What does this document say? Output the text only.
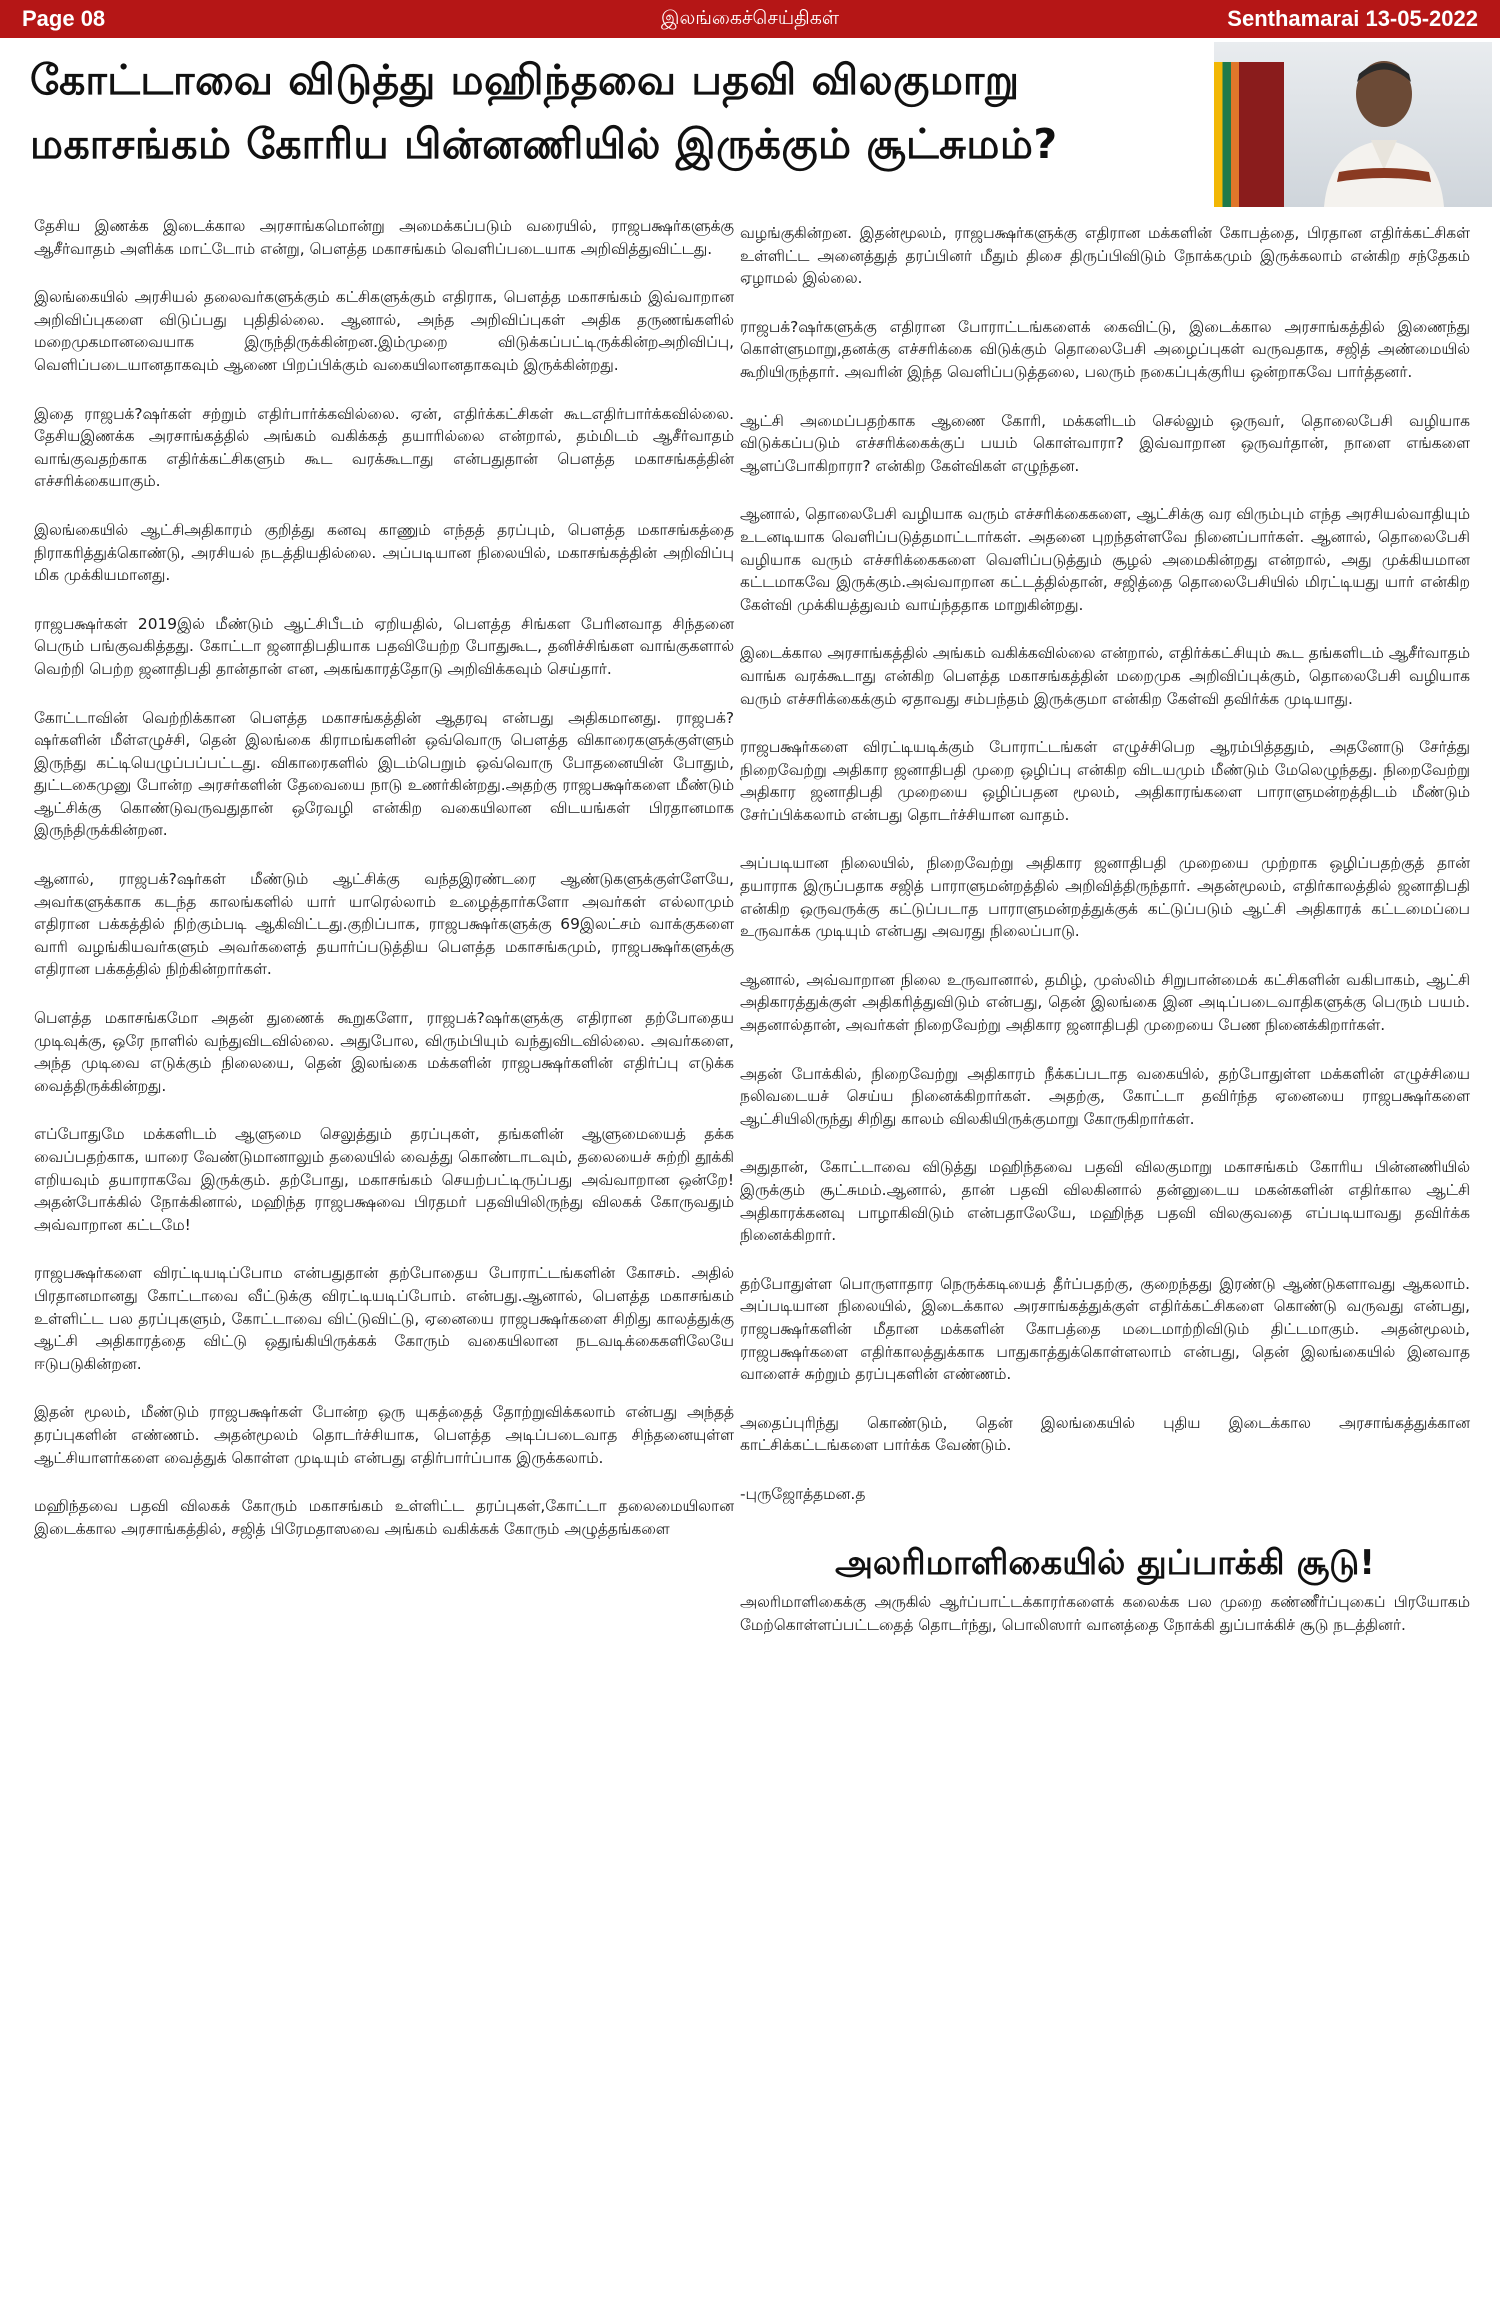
Page 08	இலங்கைச்செய்திகள்	Senthamarai 13-05-2022
கோட்டாவை விடுத்து மஹிந்தவை பதவி விலகுமாறு
மகாசங்கம் கோரிய பின்னணியில் இருக்கும் சூட்சுமம்?

தேசிய இணக்க இடைக்கால அரசாங்கமொன்று அமைக்கப்படும் வரையில், ராஜபக்ஷர்களுக்கு ஆசீர்வாதம் அளிக்க மாட்டோம் என்று, பௌத்த மகாசங்கம் வெளிப்படையாக அறிவித்துவிட்டது.

இலங்கையில் அரசியல் தலைவர்களுக்கும் கட்சிகளுக்கும் எதிராக, பௌத்த மகாசங்கம் இவ்வாறான அறிவிப்புகளை விடுப்பது புதிதில்லை. ஆனால், அந்த அறிவிப்புகள் அதிக தருணங்களில் மறைமுகமானவையாக இருந்திருக்கின்றன.இம்முறை விடுக்கப்பட்டிருக்கின்றஅறிவிப்பு, வெளிப்படையானதாகவும் ஆணை பிறப்பிக்கும் வகையிலானதாகவும் இருக்கின்றது.

இதை ராஜபக்?ஷர்கள் சற்றும் எதிர்பார்க்கவில்லை. ஏன், எதிர்க்கட்சிகள் கூடஎதிர்பார்க்கவில்லை. தேசியஇணக்க அரசாங்கத்தில் அங்கம் வகிக்கத் தயாரில்லை என்றால், தம்மிடம் ஆசீர்வாதம் வாங்குவதற்காக எதிர்க்கட்சிகளும் கூட வரக்கூடாது என்பதுதான் பௌத்த மகாசங்கத்தின் எச்சரிக்கையாகும்.

இலங்கையில் ஆட்சிஅதிகாரம் குறித்து கனவு காணும் எந்தத் தரப்பும், பௌத்த மகாசங்கத்தை நிராகரித்துக்கொண்டு, அரசியல் நடத்தியதில்லை. அப்படியான நிலையில், மகாசங்கத்தின் அறிவிப்பு மிக முக்கியமானது.

ராஜபக்ஷர்கள் 2019இல் மீண்டும் ஆட்சிபீடம் ஏறியதில், பௌத்த சிங்கள பேரினவாத சிந்தனை பெரும் பங்குவகித்தது. கோட்டா ஜனாதிபதியாக பதவியேற்ற போதுகூட, தனிச்சிங்கள வாங்குகளால் வெற்றி பெற்ற ஜனாதிபதி தான்தான் என, அகங்காரத்தோடு அறிவிக்கவும் செய்தார்.

கோட்டாவின் வெற்றிக்கான பௌத்த மகாசங்கத்தின் ஆதரவு என்பது அதிகமானது. ராஜபக்?ஷர்களின் மீள்எழுச்சி, தென் இலங்கை கிராமங்களின் ஒவ்வொரு பௌத்த விகாரைகளுக்குள்ளும் இருந்து கட்டியெழுப்பப்பட்டது. விகாரைகளில் இடம்பெறும் ஒவ்வொரு போதனையின் போதும், துட்டகைமுனு போன்ற அரசர்களின் தேவையை நாடு உணர்கின்றது.அதற்கு ராஜபக்ஷர்களை மீண்டும் ஆட்சிக்கு கொண்டுவருவதுதான் ஒரேவழி என்கிற வகையிலான விடயங்கள் பிரதானமாக இருந்திருக்கின்றன.

ஆனால், ராஜபக்?ஷர்கள் மீண்டும் ஆட்சிக்கு வந்தஇரண்டரை ஆண்டுகளுக்குள்ளேயே, அவர்களுக்காக கடந்த காலங்களில் யார் யாரெல்லாம் உழைத்தார்களோ அவர்கள் எல்லாமும் எதிரான பக்கத்தில் நிற்கும்படி ஆகிவிட்டது.குறிப்பாக, ராஜபக்ஷர்களுக்கு 69இலட்சம் வாக்குகளை வாரி வழங்கியவர்களும் அவர்களைத் தயார்ப்படுத்திய பௌத்த மகாசங்கமும், ராஜபக்ஷர்களுக்கு எதிரான பக்கத்தில் நிற்கின்றார்கள்.

பௌத்த மகாசங்கமோ அதன் துணைக் கூறுகளோ, ராஜபக்?ஷர்களுக்கு எதிரான தற்போதைய முடிவுக்கு, ஒரே நாளில் வந்துவிடவில்லை. அதுபோல, விரும்பியும் வந்துவிடவில்லை. அவர்களை, அந்த முடிவை எடுக்கும் நிலையை, தென் இலங்கை மக்களின் ராஜபக்ஷர்களின் எதிர்ப்பு எடுக்க வைத்திருக்கின்றது.

எப்போதுமே மக்களிடம் ஆளுமை செலுத்தும் தரப்புகள், தங்களின் ஆளுமையைத் தக்க வைப்பதற்காக, யாரை வேண்டுமானாலும் தலையில் வைத்து கொண்டாடவும், தலையைச் சுற்றி தூக்கி எறியவும் தயாராகவே இருக்கும். தற்போது, மகாசங்கம் செயற்பட்டிருப்பது அவ்வாறான ஒன்றே! அதன்போக்கில் நோக்கினால், மஹிந்த ராஜபக்ஷவை பிரதமர் பதவியிலிருந்து விலகக் கோருவதும் அவ்வாறான கட்டமே!

ராஜபக்ஷர்களை விரட்டியடிப்போம என்பதுதான் தற்போதைய போராட்டங்களின் கோசம். அதில் பிரதானமானது கோட்டாவை வீட்டுக்கு விரட்டியடிப்போம். என்பது.ஆனால், பௌத்த மகாசங்கம் உள்ளிட்ட பல தரப்புகளும், கோட்டாவை விட்டுவிட்டு, ஏனையை ராஜபக்ஷர்களை சிறிது காலத்துக்கு ஆட்சி அதிகாரத்தை விட்டு ஒதுங்கியிருக்கக் கோரும் வகையிலான நடவடிக்கைகளிலேயே ஈடுபடுகின்றன.

இதன் மூலம், மீண்டும் ராஜபக்ஷர்கள் போன்ற ஒரு யுகத்தைத் தோற்றுவிக்கலாம் என்பது அந்தத் தரப்புகளின் எண்ணம். அதன்மூலம் தொடர்ச்சியாக, பௌத்த அடிப்படைவாத சிந்தனையுள்ள ஆட்சியாளர்களை வைத்துக் கொள்ள முடியும் என்பது எதிர்பார்ப்பாக இருக்கலாம்.

மஹிந்தவை பதவி விலகக் கோரும் மகாசங்கம் உள்ளிட்ட தரப்புகள்,கோட்டா தலைமையிலான இடைக்கால அரசாங்கத்தில், சஜித் பிரேமதாஸவை அங்கம் வகிக்கக் கோரும் அழுத்தங்களை

வழங்குகின்றன. இதன்மூலம், ராஜபக்ஷர்களுக்கு எதிரான மக்களின் கோபத்தை, பிரதான எதிர்க்கட்சிகள் உள்ளிட்ட அனைத்துத் தரப்பினர் மீதும் திசை திருப்பிவிடும் நோக்கமும் இருக்கலாம் என்கிற சந்தேகம் ஏழாமல் இல்லை.

ராஜபக்?ஷர்களுக்கு எதிரான போராட்டங்களைக் கைவிட்டு, இடைக்கால அரசாங்கத்தில் இணைந்து கொள்ளுமாறு,தனக்கு எச்சரிக்கை விடுக்கும் தொலைபேசி அழைப்புகள் வருவதாக, சஜித் அண்மையில் கூறியிருந்தார். அவரின் இந்த வெளிப்படுத்தலை, பலரும் நகைப்புக்குரிய ஒன்றாகவே பார்த்தனர்.

ஆட்சி அமைப்பதற்காக ஆணை கோரி, மக்களிடம் செல்லும் ஒருவர், தொலைபேசி வழியாக விடுக்கப்படும் எச்சரிக்கைக்குப் பயம் கொள்வாரா? இவ்வாறான ஒருவர்தான், நாளை எங்களை ஆளப்போகிறாரா? என்கிற கேள்விகள் எழுந்தன.

ஆனால், தொலைபேசி வழியாக வரும் எச்சரிக்கைகளை, ஆட்சிக்கு வர விரும்பும் எந்த அரசியல்வாதியும் உடனடியாக வெளிப்படுத்தமாட்டார்கள். அதனை புறந்தள்ளவே நினைப்பார்கள். ஆனால், தொலைபேசி வழியாக வரும் எச்சரிக்கைகளை வெளிப்படுத்தும் சூழல் அமைகின்றது என்றால், அது முக்கியமான கட்டமாகவே இருக்கும்.அவ்வாறான கட்டத்தில்தான், சஜித்தை தொலைபேசியில் மிரட்டியது யார் என்கிற கேள்வி முக்கியத்துவம் வாய்ந்ததாக மாறுகின்றது.

இடைக்கால அரசாங்கத்தில் அங்கம் வகிக்கவில்லை என்றால், எதிர்க்கட்சியும் கூட தங்களிடம் ஆசீர்வாதம் வாங்க வரக்கூடாது என்கிற பௌத்த மகாசங்கத்தின் மறைமுக அறிவிப்புக்கும், தொலைபேசி வழியாக வரும் எச்சரிக்கைக்கும் ஏதாவது சம்பந்தம் இருக்குமா என்கிற கேள்வி தவிர்க்க முடியாது.

ராஜபக்ஷர்களை விரட்டியடிக்கும் போராட்டங்கள் எழுச்சிபெற ஆரம்பித்ததும், அதனோடு சேர்த்து நிறைவேற்று அதிகார ஜனாதிபதி முறை ஒழிப்பு என்கிற விடயமும் மீண்டும் மேலெழுந்தது. நிறைவேற்று அதிகார ஜனாதிபதி முறையை ஒழிப்பதன மூலம், அதிகாரங்களை பாராளுமன்றத்திடம் மீண்டும் சேர்ப்பிக்கலாம் என்பது தொடர்ச்சியான வாதம்.

அப்படியான நிலையில், நிறைவேற்று அதிகார ஜனாதிபதி முறையை முற்றாக ஒழிப்பதற்குத் தான் தயாராக இருப்பதாக சஜித் பாராளுமன்றத்தில் அறிவித்திருந்தார். அதன்மூலம், எதிர்காலத்தில் ஜனாதிபதி என்கிற ஒருவருக்கு கட்டுப்படாத பாராளுமன்றத்துக்குக் கட்டுப்படும் ஆட்சி அதிகாரக் கட்டமைப்பை உருவாக்க முடியும் என்பது அவரது நிலைப்பாடு.

ஆனால், அவ்வாறான நிலை உருவானால், தமிழ், முஸ்லிம் சிறுபான்மைக் கட்சிகளின் வகிபாகம், ஆட்சி அதிகாரத்துக்குள் அதிகரித்துவிடும் என்பது, தென் இலங்கை இன அடிப்படைவாதிகளுக்கு பெரும் பயம். அதனால்தான், அவர்கள் நிறைவேற்று அதிகார ஜனாதிபதி முறையை பேண நினைக்கிறார்கள்.

அதன் போக்கில், நிறைவேற்று அதிகாரம் நீக்கப்படாத வகையில், தற்போதுள்ள மக்களின் எழுச்சியை நலிவடையச் செய்ய நினைக்கிறார்கள். அதற்கு, கோட்டா தவிர்ந்த ஏனையை ராஜபக்ஷர்களை ஆட்சியிலிருந்து சிறிது காலம் விலகியிருக்குமாறு கோருகிறார்கள்.

அதுதான், கோட்டாவை விடுத்து மஹிந்தவை பதவி விலகுமாறு மகாசங்கம் கோரிய பின்னணியில் இருக்கும் சூட்சுமம்.ஆனால், தான் பதவி விலகினால் தன்னுடைய மகன்களின் எதிர்கால ஆட்சி அதிகாரக்கனவு பாழாகிவிடும் என்பதாலேயே, மஹிந்த பதவி விலகுவதை எப்படியாவது தவிர்க்க நினைக்கிறார்.

தற்போதுள்ள பொருளாதார நெருக்கடியைத் தீர்ப்பதற்கு, குறைந்தது இரண்டு ஆண்டுகளாவது ஆகலாம். அப்படியான நிலையில், இடைக்கால அரசாங்கத்துக்குள் எதிர்க்கட்சிகளை கொண்டு வருவது என்பது, ராஜபக்ஷர்களின் மீதான மக்களின் கோபத்தை மடைமாற்றிவிடும் திட்டமாகும். அதன்மூலம், ராஜபக்ஷர்களை எதிர்காலத்துக்காக பாதுகாத்துக்கொள்ளலாம் என்பது, தென் இலங்கையில் இனவாத வாளைச் சுற்றும் தரப்புகளின் எண்ணம்.

அதைப்புரிந்து கொண்டும், தென் இலங்கையில் புதிய இடைக்கால அரசாங்கத்துக்கான காட்சிக்கட்டங்களை பார்க்க வேண்டும்.

-புருஜோத்தமன.த

அலரிமாளிகையில் துப்பாக்கி சூடு!

அலரிமாளிகைக்கு அருகில் ஆர்ப்பாட்டக்காரர்களைக் கலைக்க பல முறை கண்ணீர்ப்புகைப் பிரயோகம் மேற்கொள்ளப்பட்டதைத் தொடர்ந்து, பொலிஸார் வானத்தை நோக்கி துப்பாக்கிச் சூடு நடத்தினர்.
